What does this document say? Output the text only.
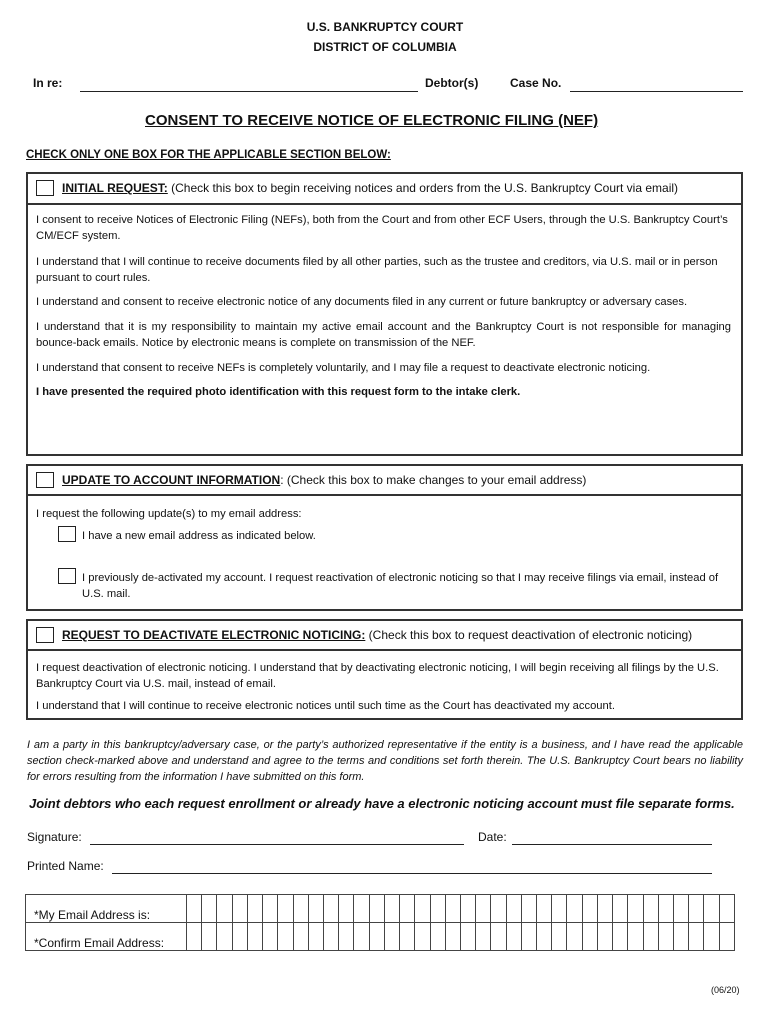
U.S. BANKRUPTCY COURT
DISTRICT OF COLUMBIA
In re:	Debtor(s)	Case No.
CONSENT TO RECEIVE NOTICE OF ELECTRONIC FILING (NEF)
CHECK ONLY ONE BOX FOR THE APPLICABLE SECTION BELOW:
INITIAL REQUEST: (Check this box to begin receiving notices and orders from the U.S. Bankruptcy Court via email)
I consent to receive Notices of Electronic Filing (NEFs), both from the Court and from other ECF Users, through the U.S. Bankruptcy Court’s CM/ECF system.
I understand that I will continue to receive documents filed by all other parties, such as the trustee and creditors, via U.S. mail or in person pursuant to court rules.
I understand and consent to receive electronic notice of any documents filed in any current or future bankruptcy or adversary cases.
I understand that it is my responsibility to maintain my active email account and the Bankruptcy Court is not responsible for managing bounce-back emails. Notice by electronic means is complete on transmission of the NEF.
I understand that consent to receive NEFs is completely voluntarily, and I may file a request to deactivate electronic noticing.
I have presented the required photo identification with this request form to the intake clerk.
UPDATE TO ACCOUNT INFORMATION: (Check this box to make changes to your email address)
I request the following update(s) to my email address:
I have a new email address as indicated below.
I previously de-activated my account. I request reactivation of electronic noticing so that I may receive filings via email, instead of U.S. mail.
REQUEST TO DEACTIVATE ELECTRONIC NOTICING: (Check this box to request deactivation of electronic noticing)
I request deactivation of electronic noticing. I understand that by deactivating electronic noticing, I will begin receiving all filings by the U.S. Bankruptcy Court via U.S. mail, instead of email.
I understand that I will continue to receive electronic notices until such time as the Court has deactivated my account.
I am a party in this bankruptcy/adversary case, or the party’s authorized representative if the entity is a business, and I have read the applicable section check-marked above and understand and agree to the terms and conditions set forth therein. The U.S. Bankruptcy Court bears no liability for errors resulting from the information I have submitted on this form.
Joint debtors who each request enrollment or already have a electronic noticing account must file separate forms.
Signature:	Date:
Printed Name:
*My Email Address is:
*Confirm Email Address:
(06/20)
